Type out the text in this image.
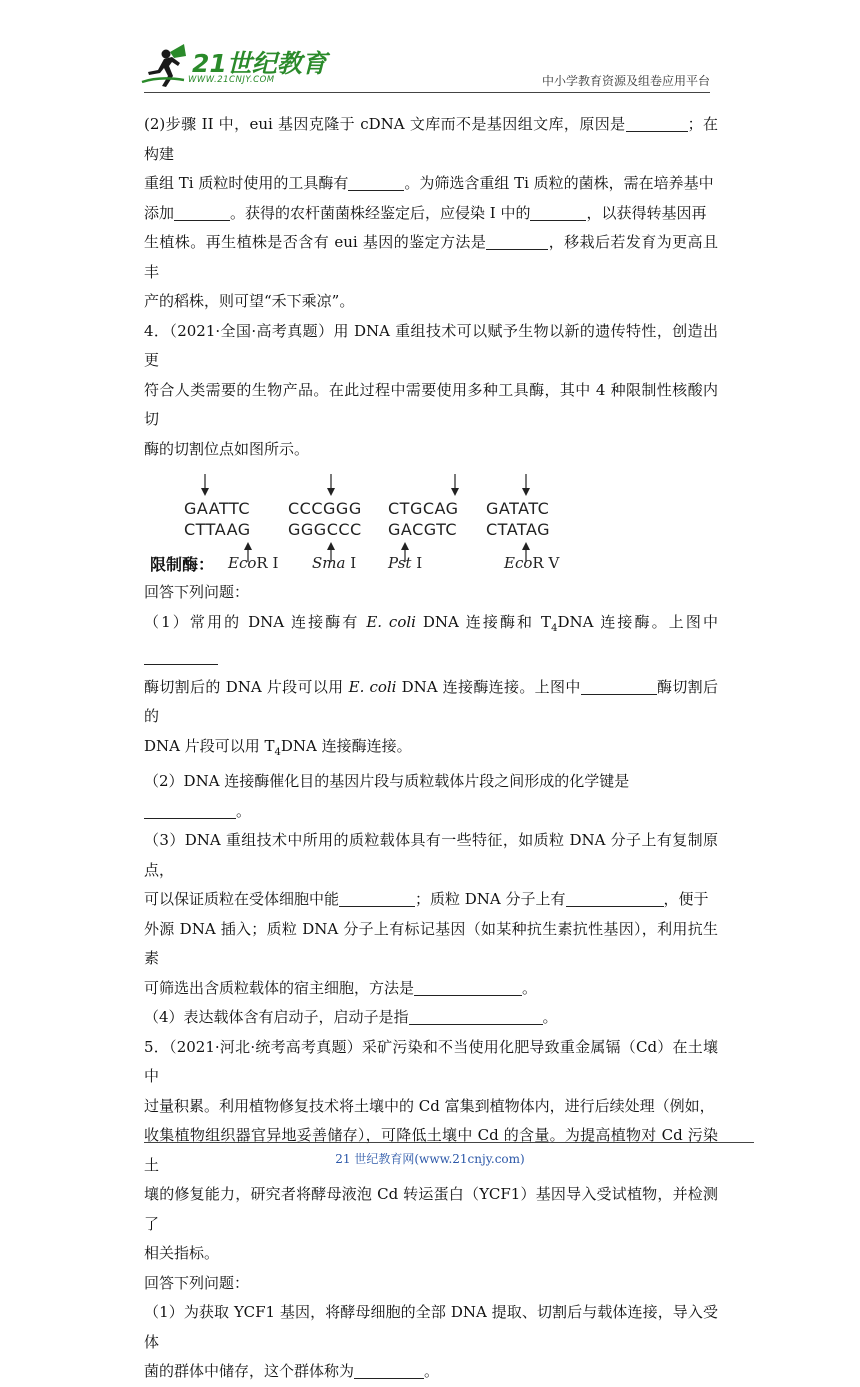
21世纪教育
WWW.21CNJY.COM	中小学教育资源及组卷应用平台

(2)步骤 II 中，eui 基因克隆于 cDNA 文库而不是基因组文库，原因是	；在构建

重组 Ti 质粒时使用的工具酶有	。为筛选含重组 Ti 质粒的菌株，需在培养基中

添加	。获得的农杆菌菌株经鉴定后，应侵染 I 中的	，以获得转基因再

生植株。再生植株是否含有 eui 基因的鉴定方法是	，移栽后若发育为更高且丰

产的稻株，则可望“禾下乘凉”。

4．（2021·全国·高考真题）用 DNA 重组技术可以赋予生物以新的遗传特性，创造出更

符合人类需要的生物产品。在此过程中需要使用多种工具酶，其中 4 种限制性核酸内切

酶的切割位点如图所示。

GAATTC
CTTAAG
CCCGGG
GGGCCC
CTGCAG
GACGTC
GATATC
CTATAG
限制酶： EcoR I Sma I Pst I	EcoR V

回答下列问题：

（1）常用的 DNA 连接酶有 E. coli DNA 连接酶和 $T_4DNA$ 连接酶。上图中

酶切割后的 DNA 片段可以用 E. coli DNA 连接酶连接。上图中	酶切割后的

DNA 片段可以用 $T_4DNA$ 连接酶连接。

（2）DNA 连接酶催化目的基因片段与质粒载体片段之间形成的化学键是

。

（3）DNA 重组技术中所用的质粒载体具有一些特征，如质粒 DNA 分子上有复制原点，

可以保证质粒在受体细胞中能	；质粒 DNA 分子上有	，便于

外源 DNA 插入；质粒 DNA 分子上有标记基因（如某种抗生素抗性基因），利用抗生素

可筛选出含质粒载体的宿主细胞，方法是	。

（4）表达载体含有启动子，启动子是指	。

5．（2021·河北·统考高考真题）采矿污染和不当使用化肥导致重金属镉（Cd）在土壤中

过量积累。利用植物修复技术将土壤中的 Cd 富集到植物体内，进行后续处理（例如，

收集植物组织器官异地妥善储存），可降低土壤中 Cd 的含量。为提高植物对 Cd 污染土

壤的修复能力，研究者将酵母液泡 Cd 转运蛋白（YCF1）基因导入受试植物，并检测了

相关指标。

回答下列问题：

（1）为获取 YCF1 基因，将酵母细胞的全部 DNA 提取、切割后与载体连接，导入受体

菌的群体中储存，这个群体称为	。

21 世纪教育网(www.21cnjy.com)
